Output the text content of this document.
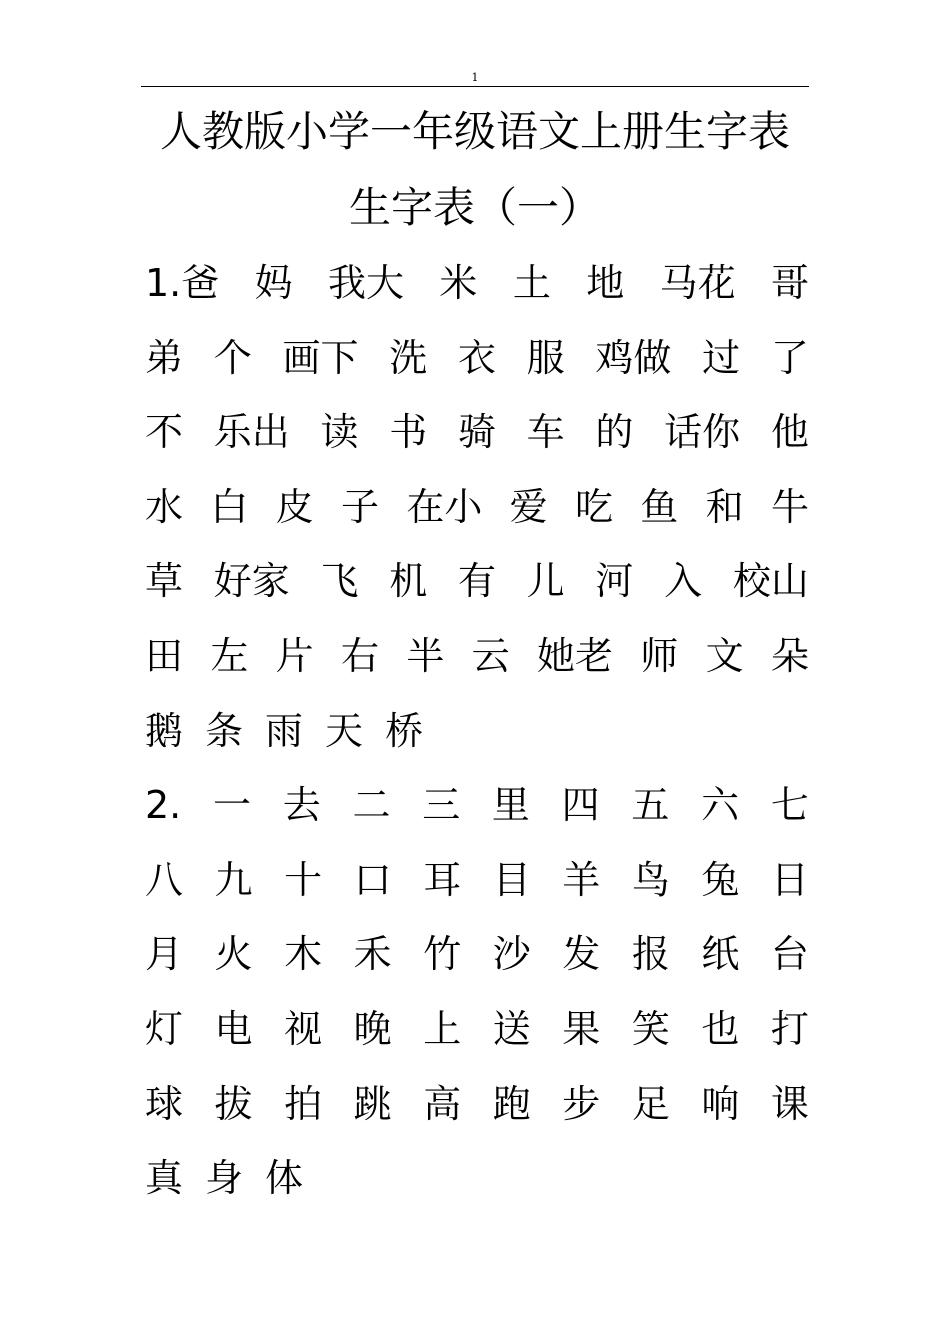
1
人教版小学一年级语文上册生字表
生字表（一）
1.爸 妈 我大 米 土 地 马花 哥
弟 个 画下 洗 衣 服 鸡做 过 了
不 乐出 读 书 骑 车 的 话你 他
水 白 皮 子 在小 爱 吃 鱼 和 牛
草 好家 飞 机 有 儿 河 入 校山
田 左 片 右 半 云 她老 师 文 朵
鹅 条 雨 天 桥
2. 一 去 二 三 里 四 五 六 七
八 九 十 口 耳 目 羊 鸟 兔 日
月 火 木 禾 竹 沙 发 报 纸 台
灯 电 视 晚 上 送 果 笑 也 打
球 拔 拍 跳 高 跑 步 足 响 课
真 身 体
